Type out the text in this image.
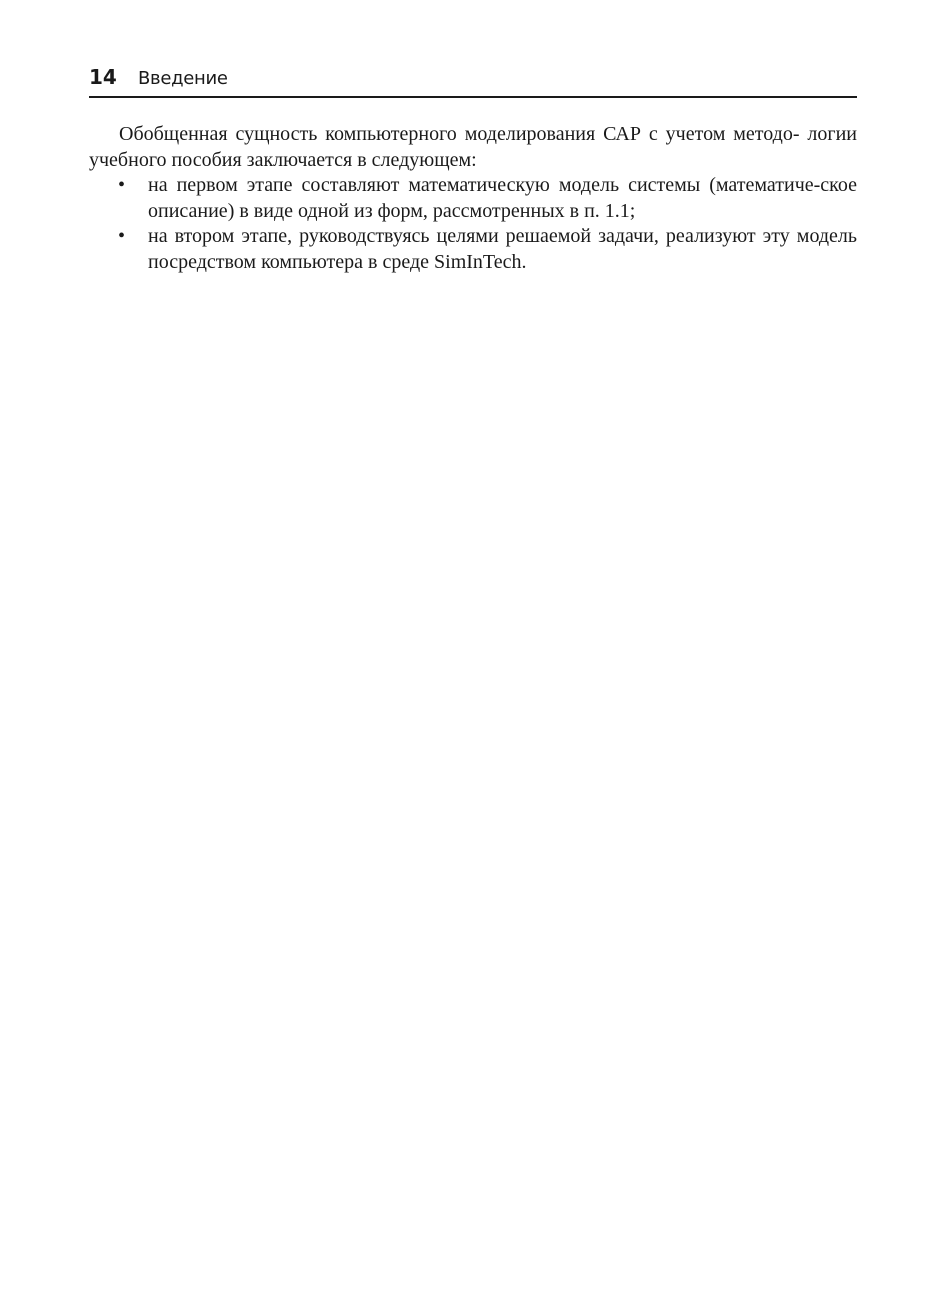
14 Введение

Обобщенная сущность компьютерного моделирования САР с учетом методо- логии учебного пособия заключается в следующем:

• на первом этапе составляют математическую модель системы (математиче-ское описание) в виде одной из форм, рассмотренных в п. 1.1;
• на втором этапе, руководствуясь целями решаемой задачи, реализуют эту модель посредством компьютера в среде SimInTech.
